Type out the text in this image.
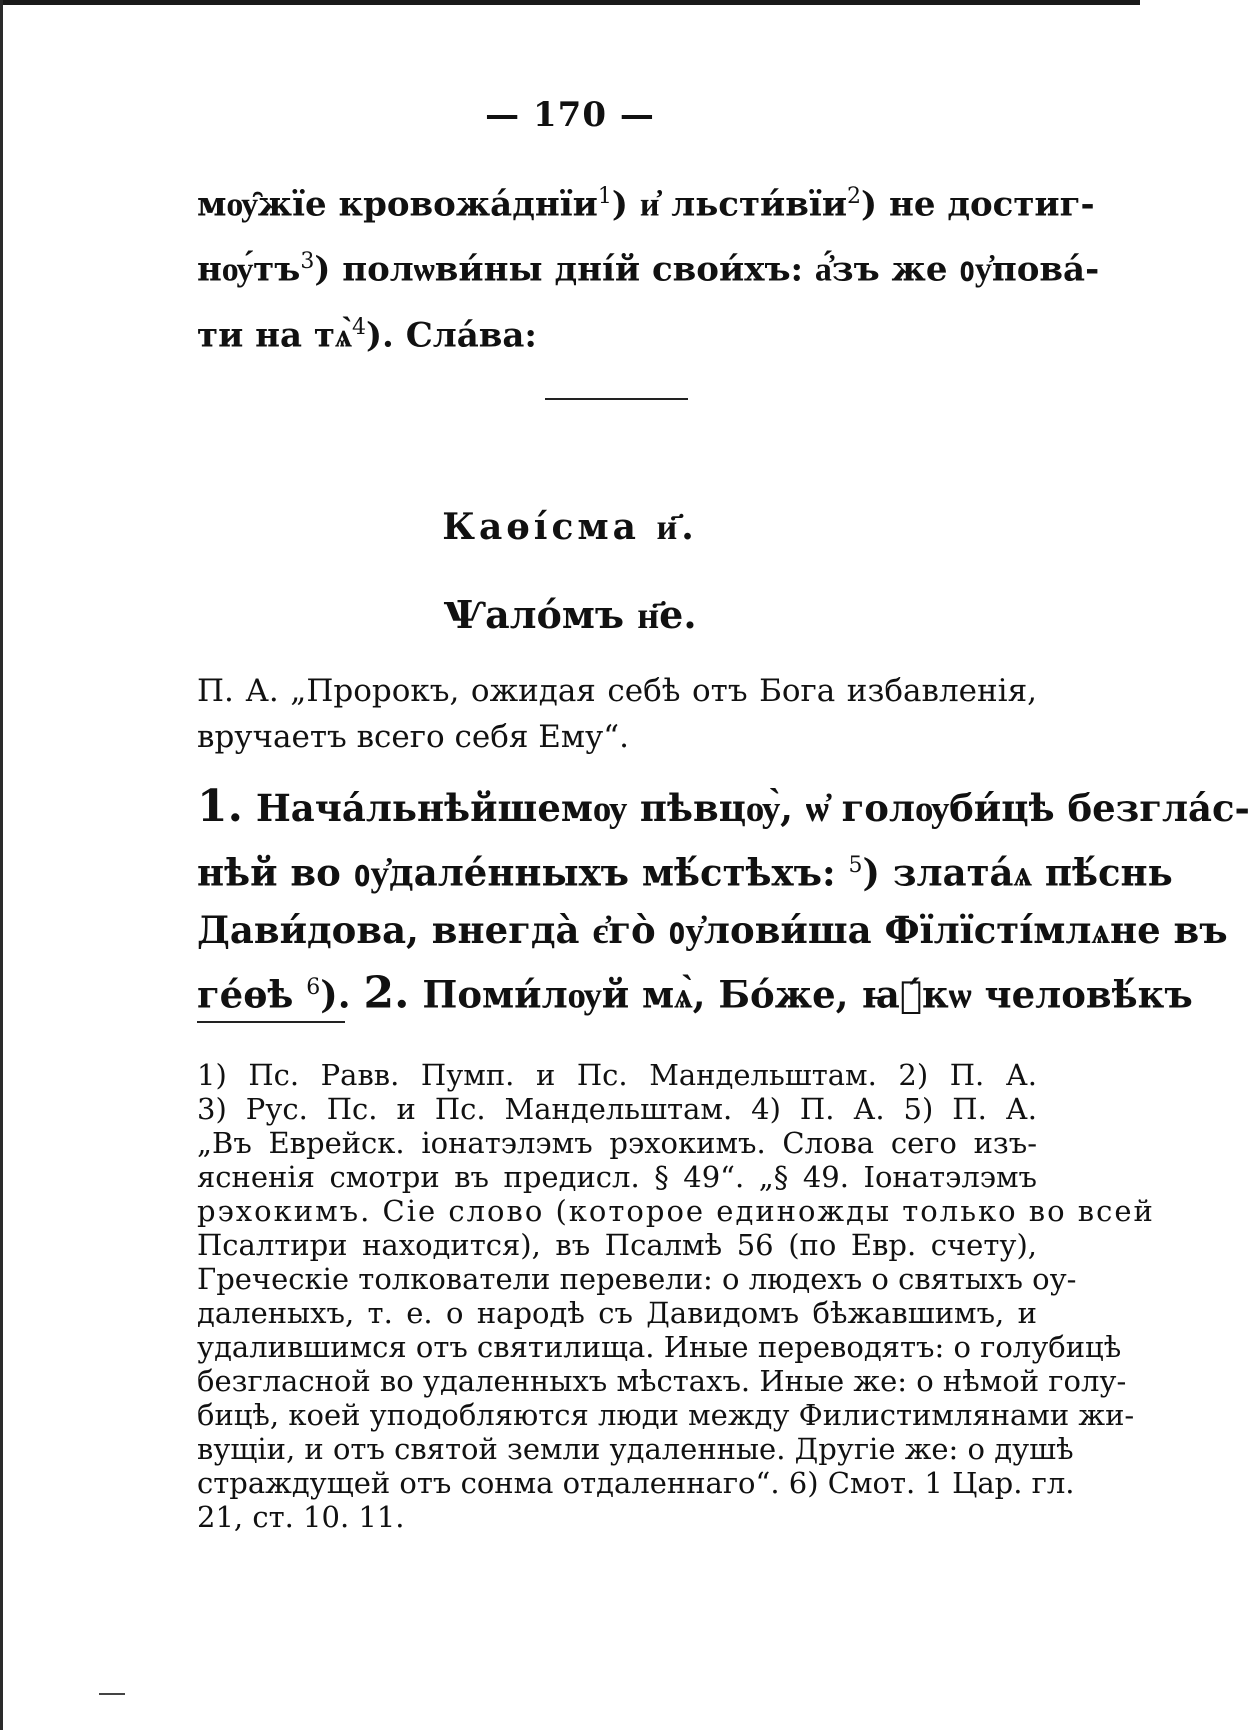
— 170 —
мѹ̑жїе кровожа́днїи$^1$) и҆ льсти́вїи$^2$) не достиг-
$нѹ́тъ^3$) полѡви́ны дні́й свои́хъ: а҆́зъ же ᲂу҆пова́-
ти на тѧ̀$^4$). Сла́ва:
Каѳі́сма и҃.
Ѱало́мъ н҃е.
П. А. „Пророкъ, ожидая себѣ отъ Бога избавленія, вручаетъ всего себя Ему“.
1. Нача́льнѣйшемѹ пѣвцѹ̀, ѡ҆ голѹби́цѣ безгла́с-
нѣй во ᲂу҆дале́нныхъ мѣ́стѣхъ: $^5$) злата́ѧ пѣ́снь
Дави́дова, внегда̀ є҆го̀ ᲂу҆лови́ша Фїлїсті́млѧне въ
ге́ѳѣ $^6$). 2. Поми́лѹй мѧ̀, Бо́же, ꙗ҆́кѡ человѣ́къ
1) Пс. Равв. Пумп. и Пс. Мандельштам. 2) П. А.
3) Рус. Пс. и Пс. Мандельштам. 4) П. А. 5) П. А.
„Въ Еврейск. іонатэлэмъ рэхокимъ. Слова сего изъ-
ясненія смотри въ предисл. § 49“. „§ 49. Іонатэлэмъ
рэхокимъ. Сіе слово (которое единожды только во всей
Псалтири находится), въ Псалмѣ 56 (по Евр. счету),
Греческіе толкователи перевели: о людехъ о святыхъ оу-
даленыхъ, т. е. о народѣ съ Давидомъ бѣжавшимъ, и
удалившимся отъ святилища. Иные переводятъ: о голубицѣ
безгласной во удаленныхъ мѣстахъ. Иные же: о нѣмой голу-
бицѣ, коей уподобляются люди между Филистимлянами жи-
вущіи, и отъ святой земли удаленные. Другіе же: о душѣ
страждущей отъ сонма отдаленнаго“. 6) Смот. 1 Цар. гл.
21, ст. 10. 11.
